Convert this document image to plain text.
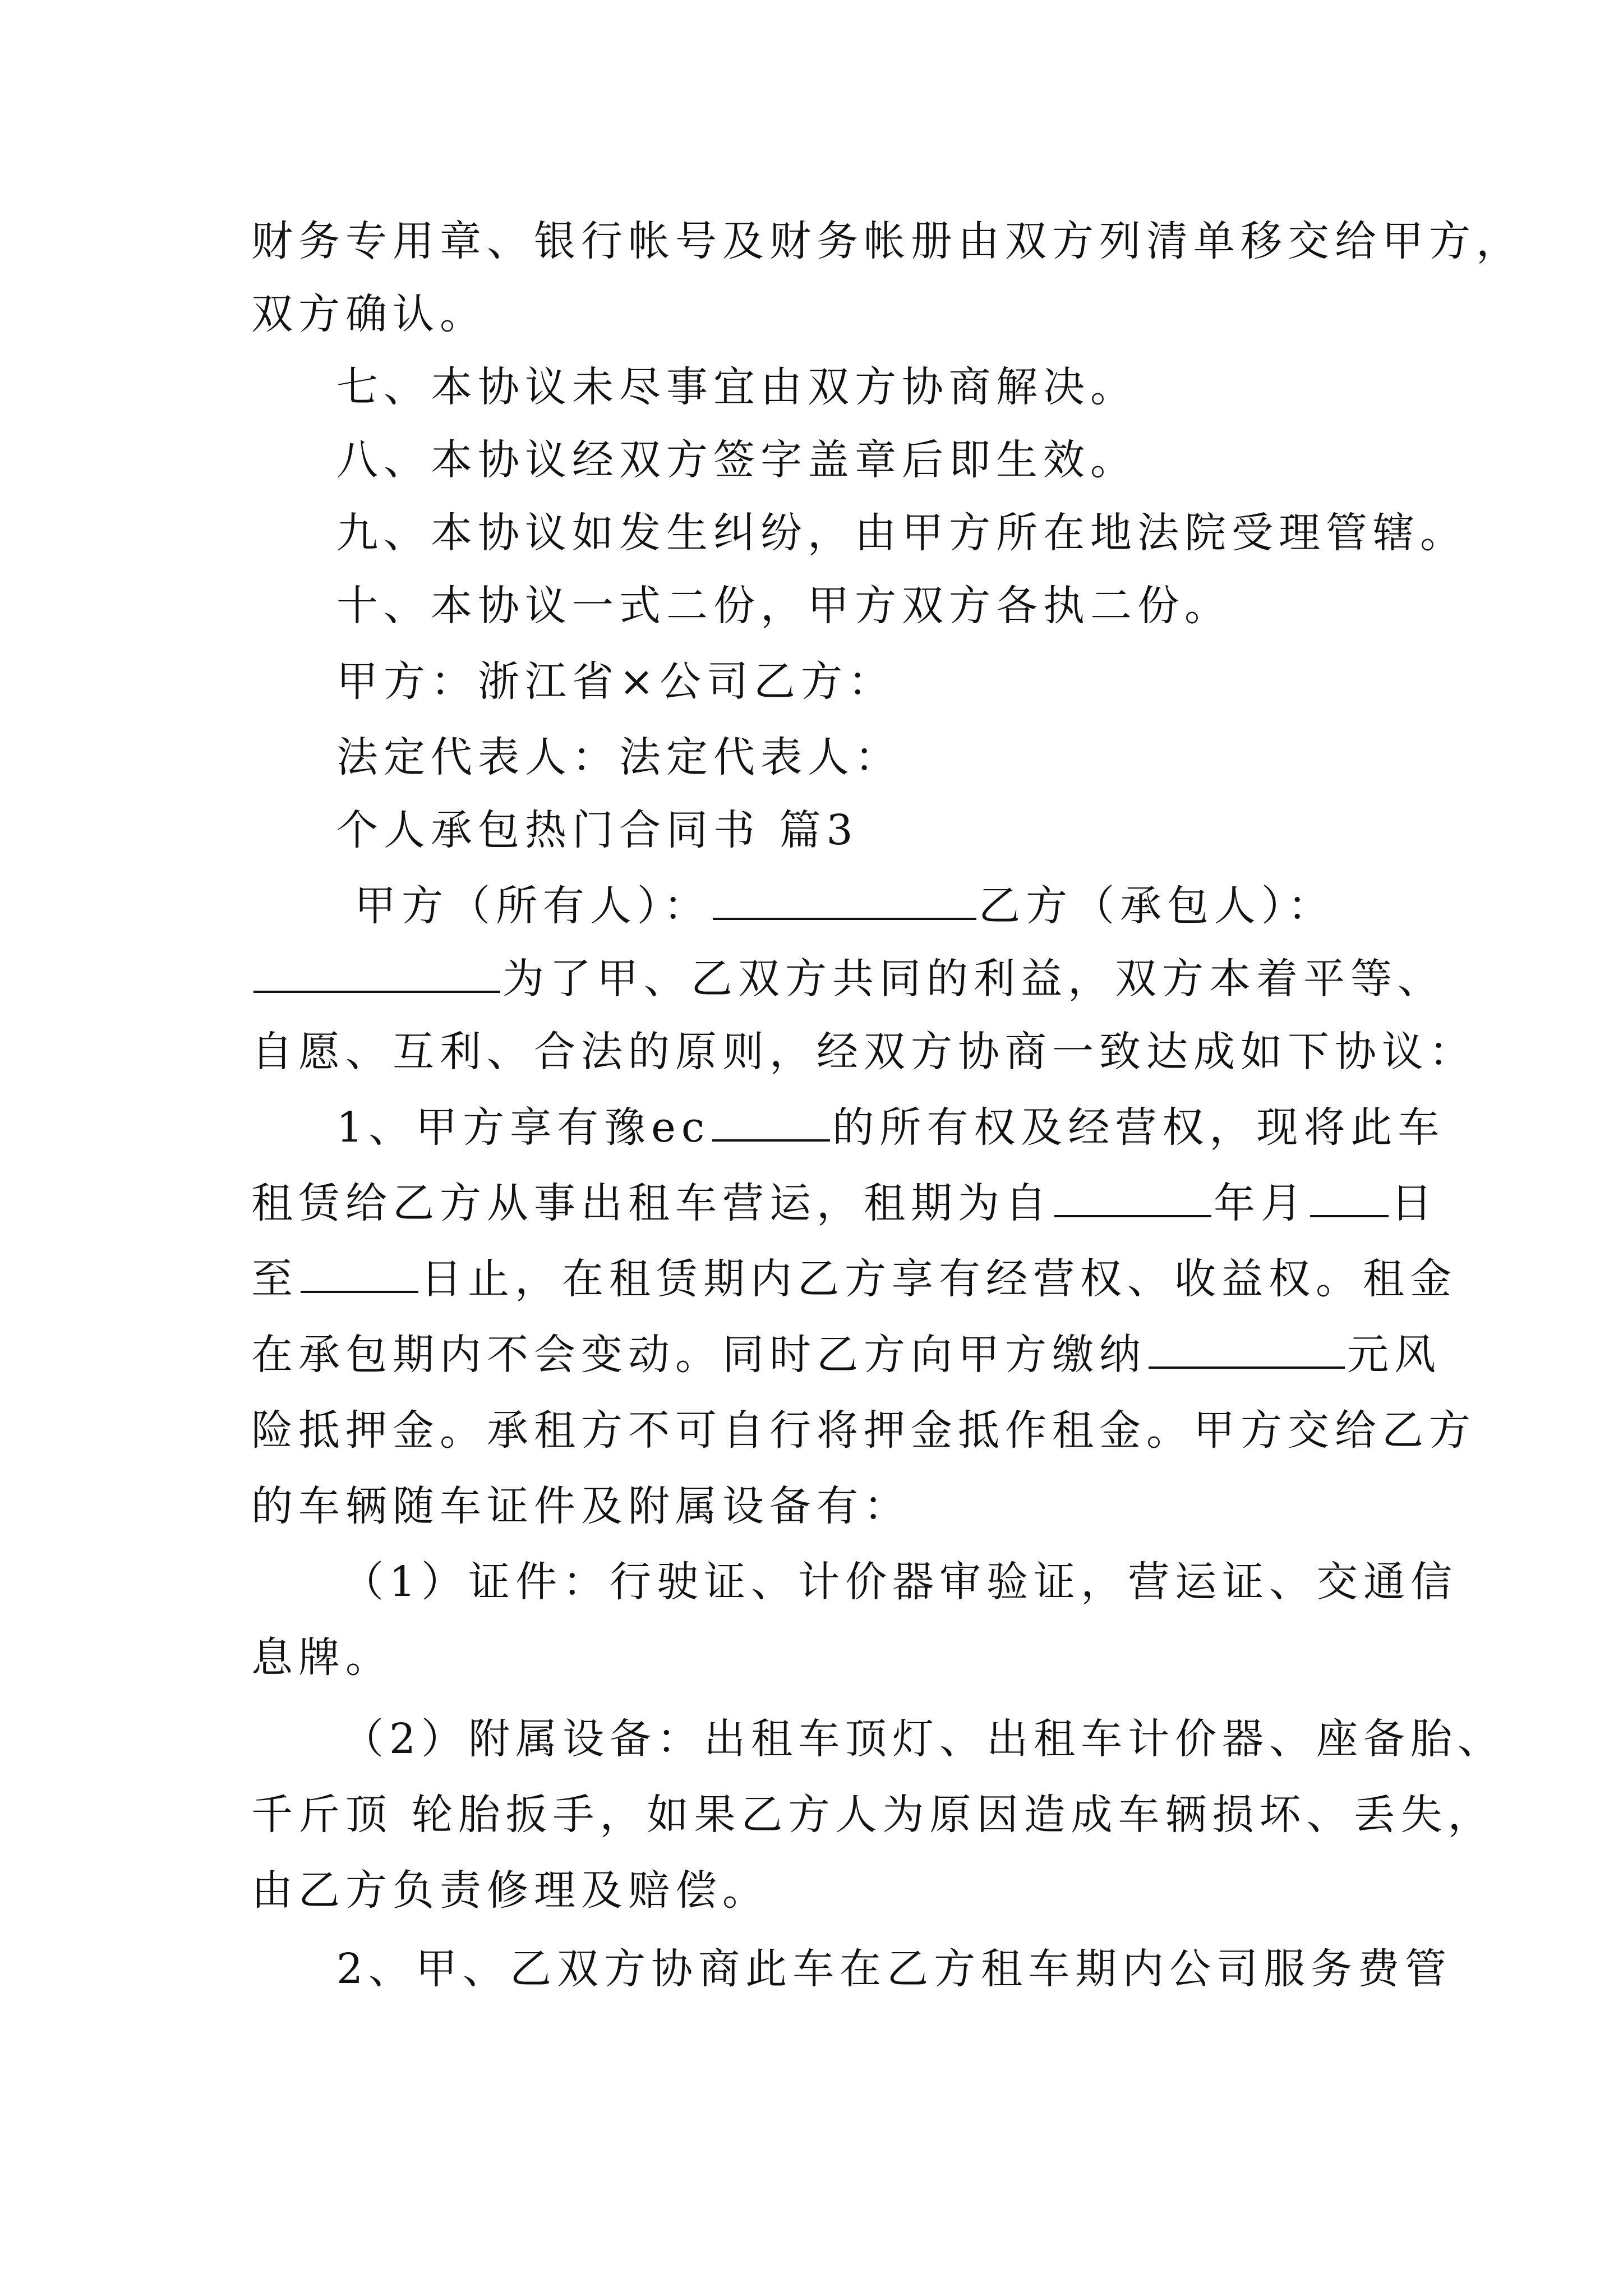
财务专用章、银行帐号及财务帐册由双方列清单移交给甲方，
双方确认。
七、本协议未尽事宜由双方协商解决。
八、本协议经双方签字盖章后即生效。
九、本协议如发生纠纷，由甲方所在地法院受理管辖。
十、本协议一式二份，甲方双方各执二份。
甲方：浙江省×公司乙方：
法定代表人：法定代表人：
个人承包热门合同书 篇3
甲方（所有人）：	乙方（承包人）：
为了甲、乙双方共同的利益，双方本着平等、
自愿、互利、合法的原则，经双方协商一致达成如下协议：
1、甲方享有豫ec	的所有权及经营权，现将此车
租赁给乙方从事出租车营运，租期为自	年月 日
至	日止，在租赁期内乙方享有经营权、收益权。租金
在承包期内不会变动。同时乙方向甲方缴纳	元风
险抵押金。承租方不可自行将押金抵作租金。甲方交给乙方
的车辆随车证件及附属设备有：
（1）证件：行驶证、计价器审验证，营运证、交通信
息牌。
（2）附属设备：出租车顶灯、出租车计价器、座备胎、
千斤顶 轮胎扳手，如果乙方人为原因造成车辆损坏、丢失，
由乙方负责修理及赔偿。
2、甲、乙双方协商此车在乙方租车期内公司服务费管
